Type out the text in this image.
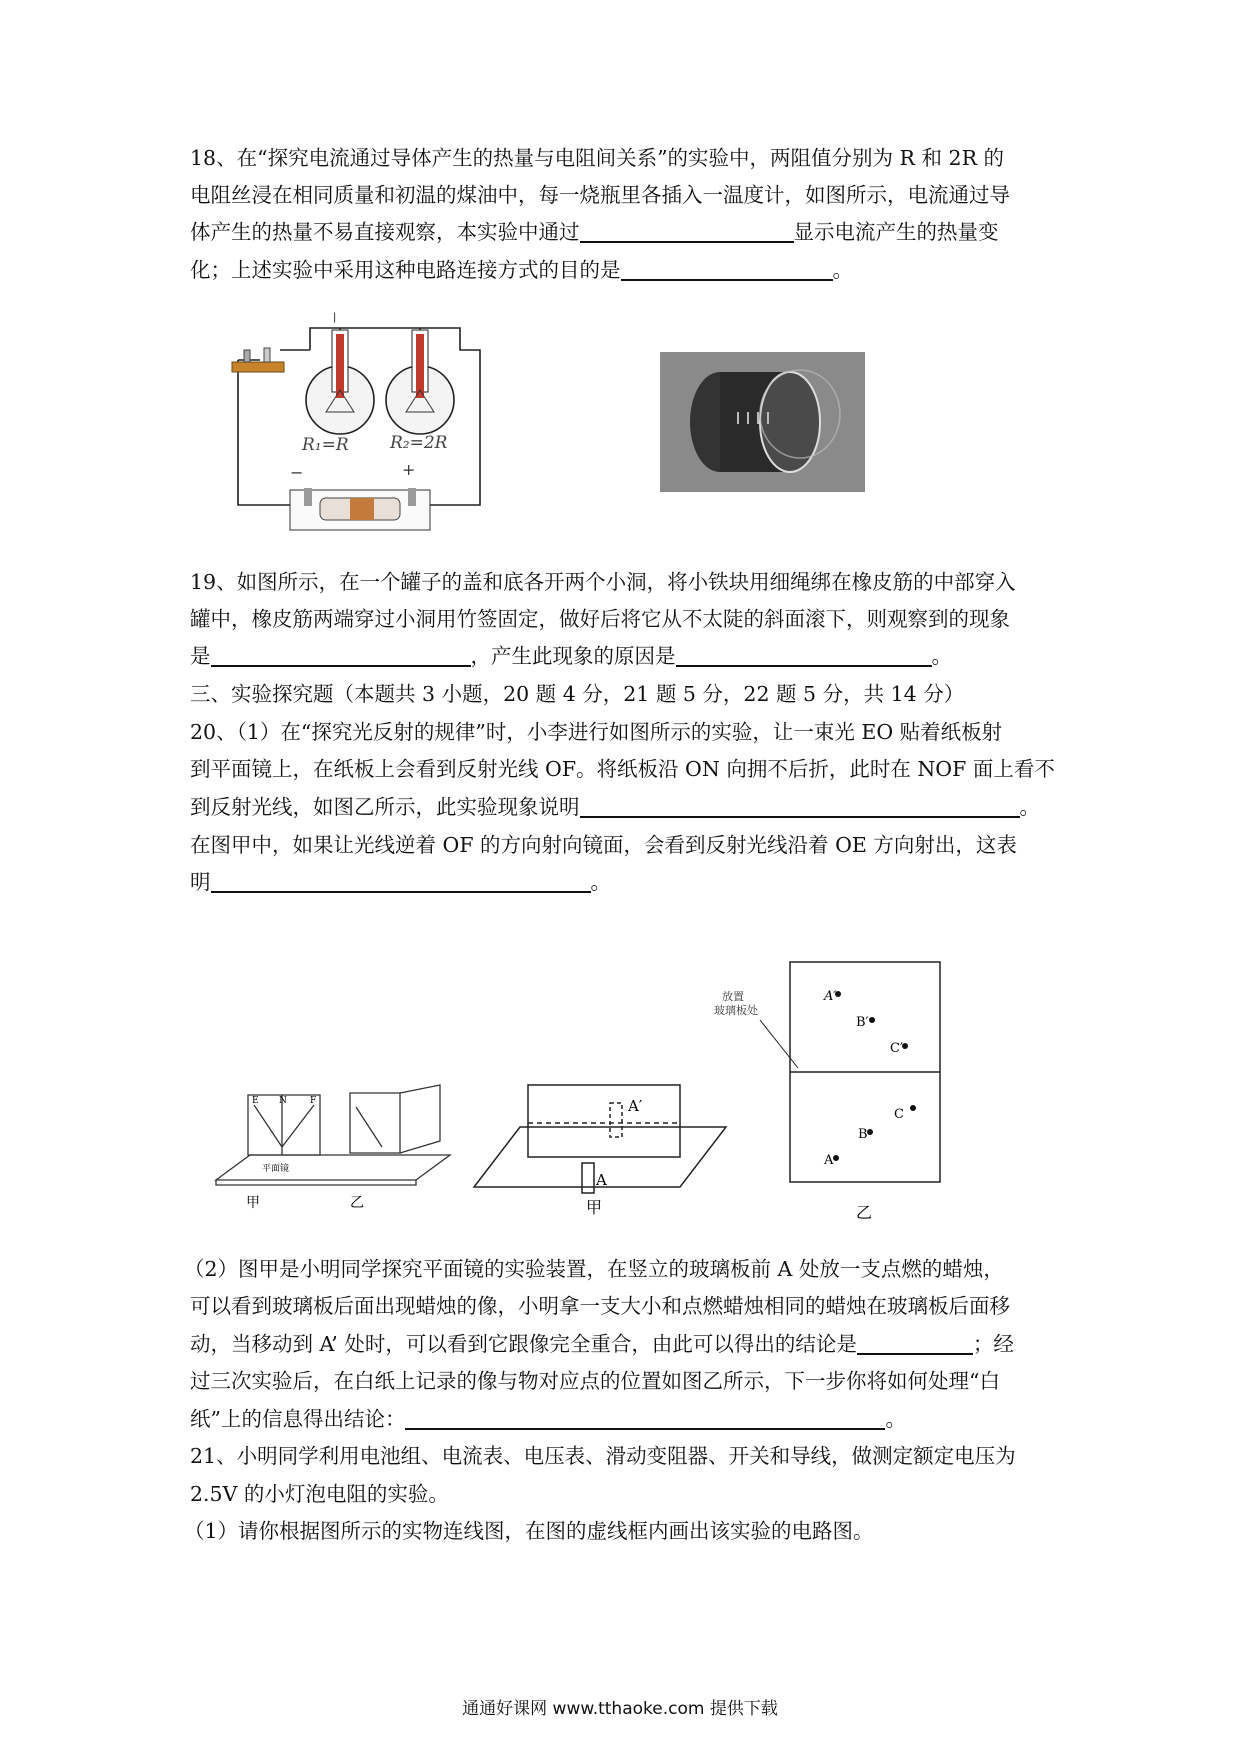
18、在“探究电流通过导体产生的热量与电阻间关系”的实验中，两阻值分别为 R 和 2R 的
电阻丝浸在相同质量和初温的煤油中，每一烧瓶里各插入一温度计，如图所示，电流通过导
体产生的热量不易直接观察，本实验中通过	显示电流产生的热量变
化；上述实验中采用这种电路连接方式的目的是	。
|
R₁=R R₂=2R
−	+
19、如图所示，在一个罐子的盖和底各开两个小洞，将小铁块用细绳绑在橡皮筋的中部穿入
罐中，橡皮筋两端穿过小洞用竹签固定，做好后将它从不太陡的斜面滚下，则观察到的现象
是	，产生此现象的原因是	。
三、实验探究题（本题共 3 小题，20 题 4 分，21 题 5 分，22 题 5 分，共 14 分）
20、（1）在“探究光反射的规律”时，小李进行如图所示的实验，让一束光 EO 贴着纸板射
到平面镜上，在纸板上会看到反射光线 OF。将纸板沿 ON 向拥不后折，此时在 NOF 面上看不
到反射光线，如图乙所示，此实验现象说明	。
在图甲中，如果让光线逆着 OF 的方向射向镜面，会看到反射光线沿着 OE 方向射出，这表
明	。
E N	F
平面镜
甲	乙
A
A′
甲
放置
玻璃板处
A′
B′
C′
A
B
C
乙
（2）图甲是小明同学探究平面镜的实验装置，在竖立的玻璃板前 A 处放一支点燃的蜡烛，
可以看到玻璃板后面出现蜡烛的像，小明拿一支大小和点燃蜡烛相同的蜡烛在玻璃板后面移
动，当移动到 A’ 处时，可以看到它跟像完全重合，由此可以得出的结论是	；经
过三次实验后，在白纸上记录的像与物对应点的位置如图乙所示，下一步你将如何处理“白
纸”上的信息得出结论：	。
21、小明同学利用电池组、电流表、电压表、滑动变阻器、开关和导线，做测定额定电压为
2.5V 的小灯泡电阻的实验。
（1）请你根据图所示的实物连线图，在图的虚线框内画出该实验的电路图。
通通好课网 www.tthaoke.com 提供下载
